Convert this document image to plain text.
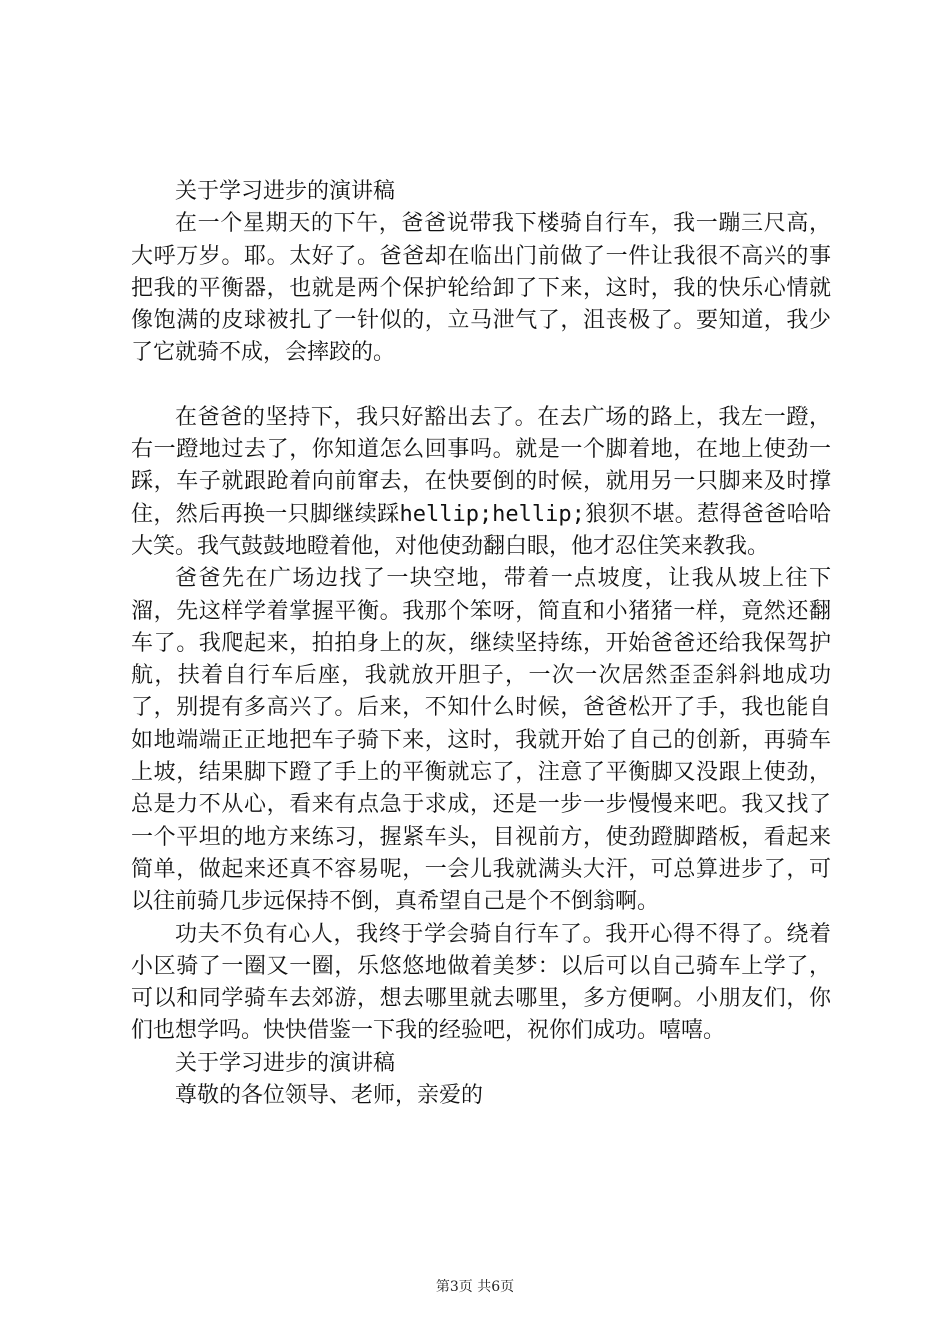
关于学习进步的演讲稿

在一个星期天的下午，爸爸说带我下楼骑自行车，我一蹦三尺高，大呼万岁。耶。太好了。爸爸却在临出门前做了一件让我很不高兴的事把我的平衡器，也就是两个保护轮给卸了下来，这时，我的快乐心情就像饱满的皮球被扎了一针似的，立马泄气了，沮丧极了。要知道，我少了它就骑不成，会摔跤的。

在爸爸的坚持下，我只好豁出去了。在去广场的路上，我左一蹬，右一蹬地过去了，你知道怎么回事吗。就是一个脚着地，在地上使劲一踩，车子就跟跄着向前窜去，在快要倒的时候，就用另一只脚来及时撑住，然后再换一只脚继续踩hellip;hellip;狼狈不堪。惹得爸爸哈哈大笑。我气鼓鼓地瞪着他，对他使劲翻白眼，他才忍住笑来教我。

爸爸先在广场边找了一块空地，带着一点坡度，让我从坡上往下溜，先这样学着掌握平衡。我那个笨呀，简直和小猪猪一样，竟然还翻车了。我爬起来，拍拍身上的灰，继续坚持练，开始爸爸还给我保驾护航，扶着自行车后座，我就放开胆子，一次一次居然歪歪斜斜地成功了，别提有多高兴了。后来，不知什么时候，爸爸松开了手，我也能自如地端端正正地把车子骑下来，这时，我就开始了自己的创新，再骑车上坡，结果脚下蹬了手上的平衡就忘了，注意了平衡脚又没跟上使劲，总是力不从心，看来有点急于求成，还是一步一步慢慢来吧。我又找了一个平坦的地方来练习，握紧车头，目视前方，使劲蹬脚踏板，看起来简单，做起来还真不容易呢，一会儿我就满头大汗，可总算进步了，可以往前骑几步远保持不倒，真希望自己是个不倒翁啊。

功夫不负有心人，我终于学会骑自行车了。我开心得不得了。绕着小区骑了一圈又一圈，乐悠悠地做着美梦：以后可以自己骑车上学了，可以和同学骑车去郊游，想去哪里就去哪里，多方便啊。小朋友们，你们也想学吗。快快借鉴一下我的经验吧，祝你们成功。嘻嘻。

关于学习进步的演讲稿

尊敬的各位领导、老师，亲爱的

第3页 共6页
